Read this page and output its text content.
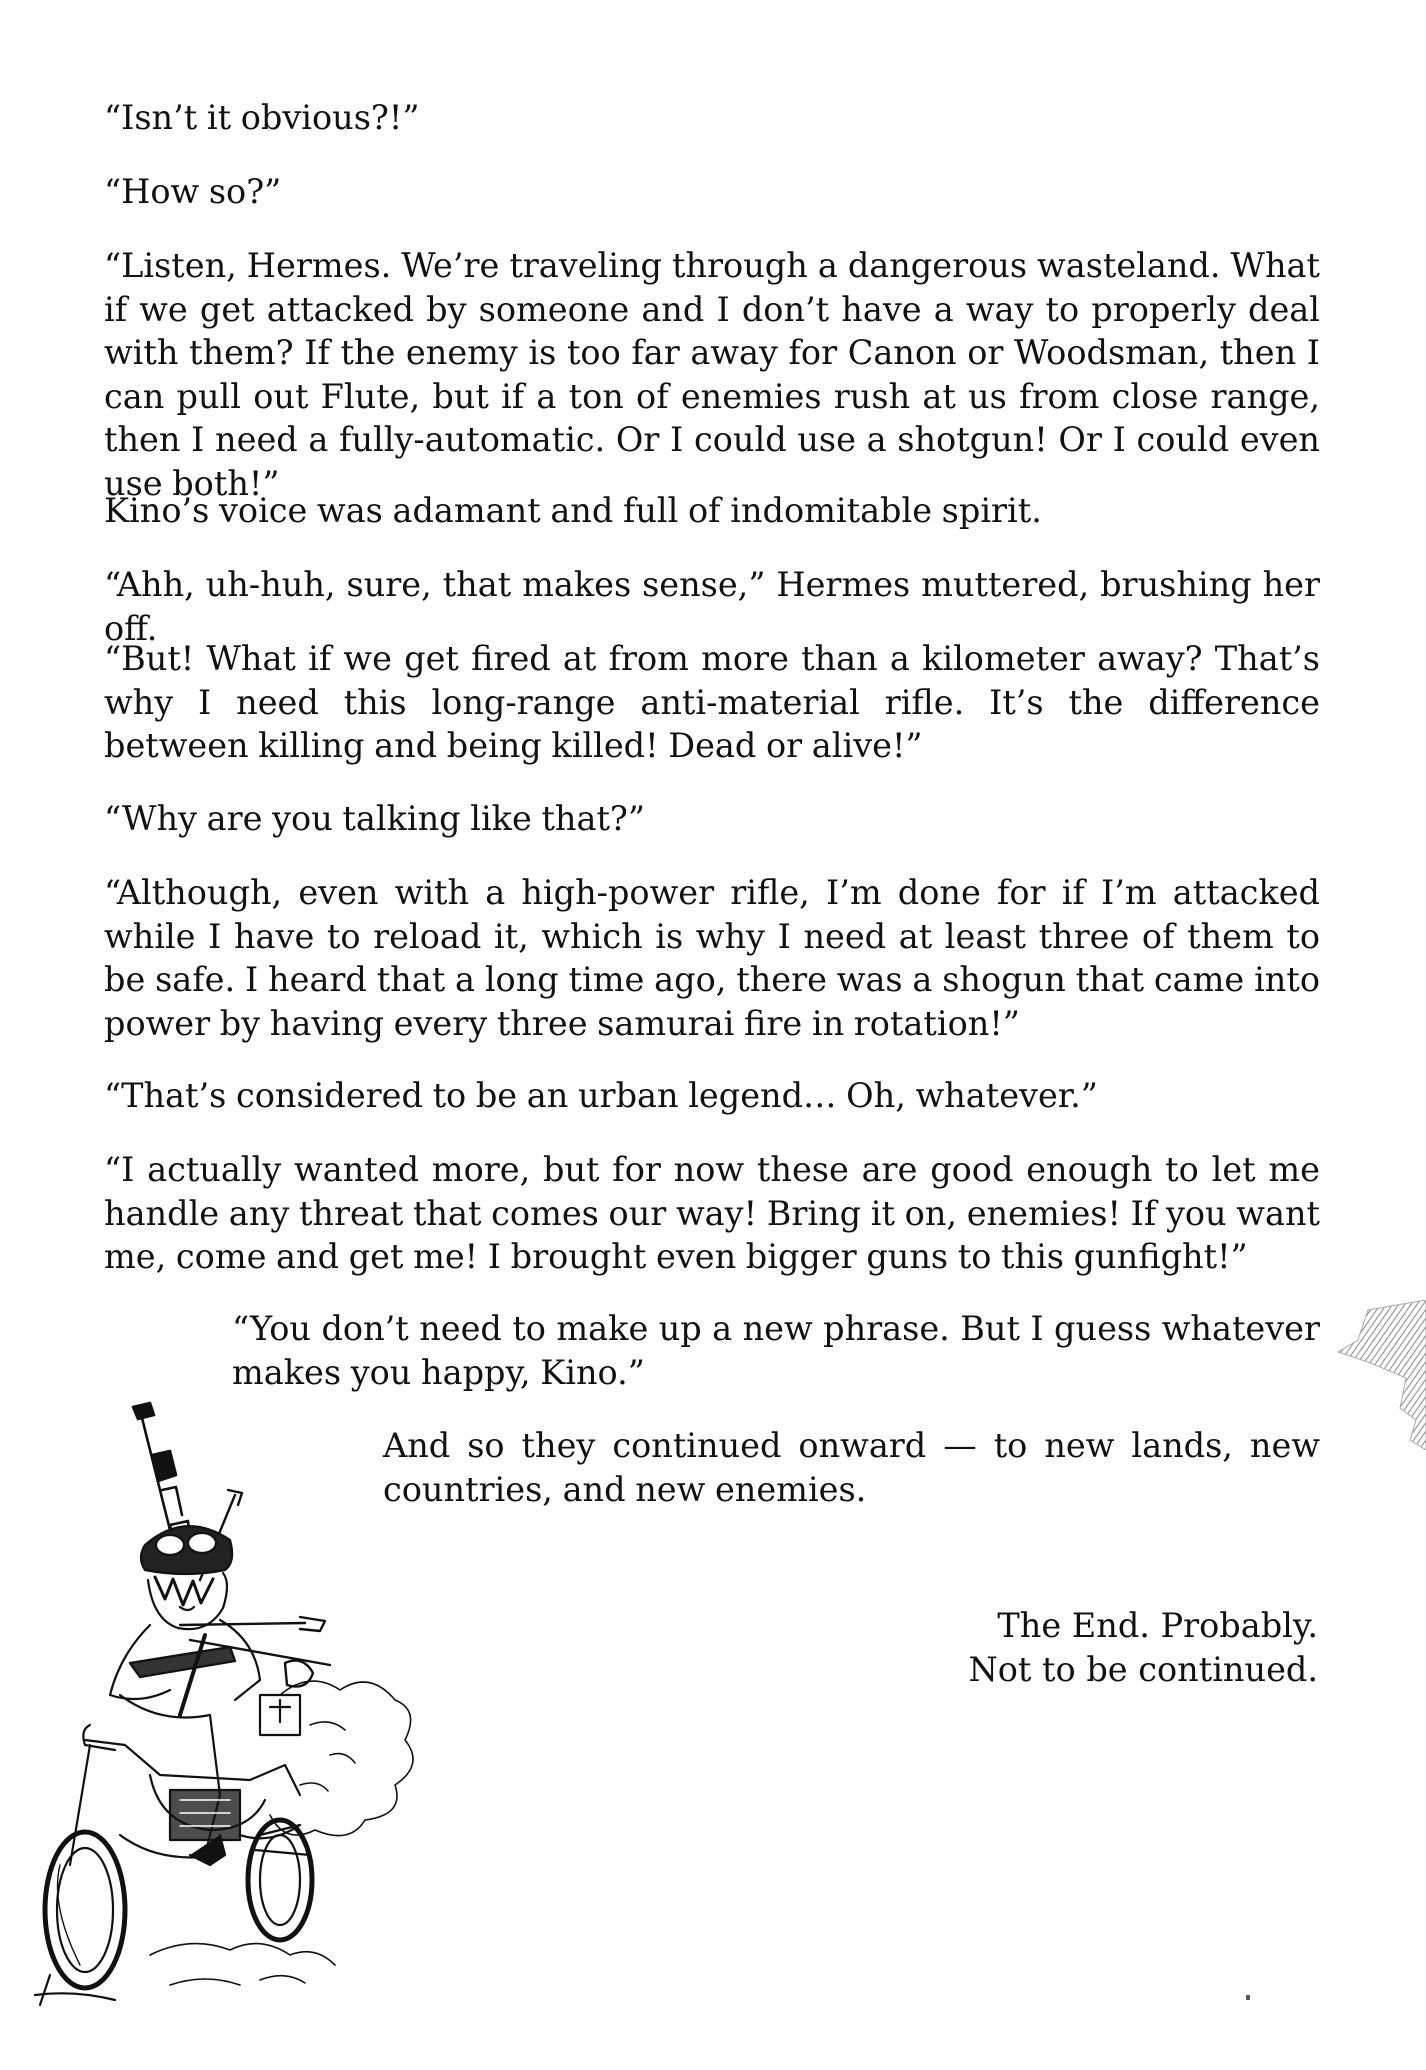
“Isn’t it obvious?!”

“How so?”

“Listen, Hermes. We’re traveling through a dangerous wasteland. What if we get attacked by someone and I don’t have a way to properly deal with them? If the enemy is too far away for Canon or Woodsman, then I can pull out Flute, but if a ton of enemies rush at us from close range, then I need a fully-automatic. Or I could use a shotgun! Or I could even use both!”

Kino’s voice was adamant and full of indomitable spirit.

“Ahh, uh-huh, sure, that makes sense,” Hermes muttered, brushing her off.

“But! What if we get fired at from more than a kilometer away? That’s why I need this long-range anti-material rifle. It’s the difference between killing and being killed! Dead or alive!”

“Why are you talking like that?”

“Although, even with a high-power rifle, I’m done for if I’m attacked while I have to reload it, which is why I need at least three of them to be safe. I heard that a long time ago, there was a shogun that came into power by having every three samurai fire in rotation!”

“That’s considered to be an urban legend… Oh, whatever.”

“I actually wanted more, but for now these are good enough to let me handle any threat that comes our way! Bring it on, enemies! If you want me, come and get me! I brought even bigger guns to this gunfight!”

“You don’t need to make up a new phrase. But I guess whatever makes you happy, Kino.”

And so they continued onward — to new lands, new countries, and new enemies.

The End. Probably.
Not to be continued.
